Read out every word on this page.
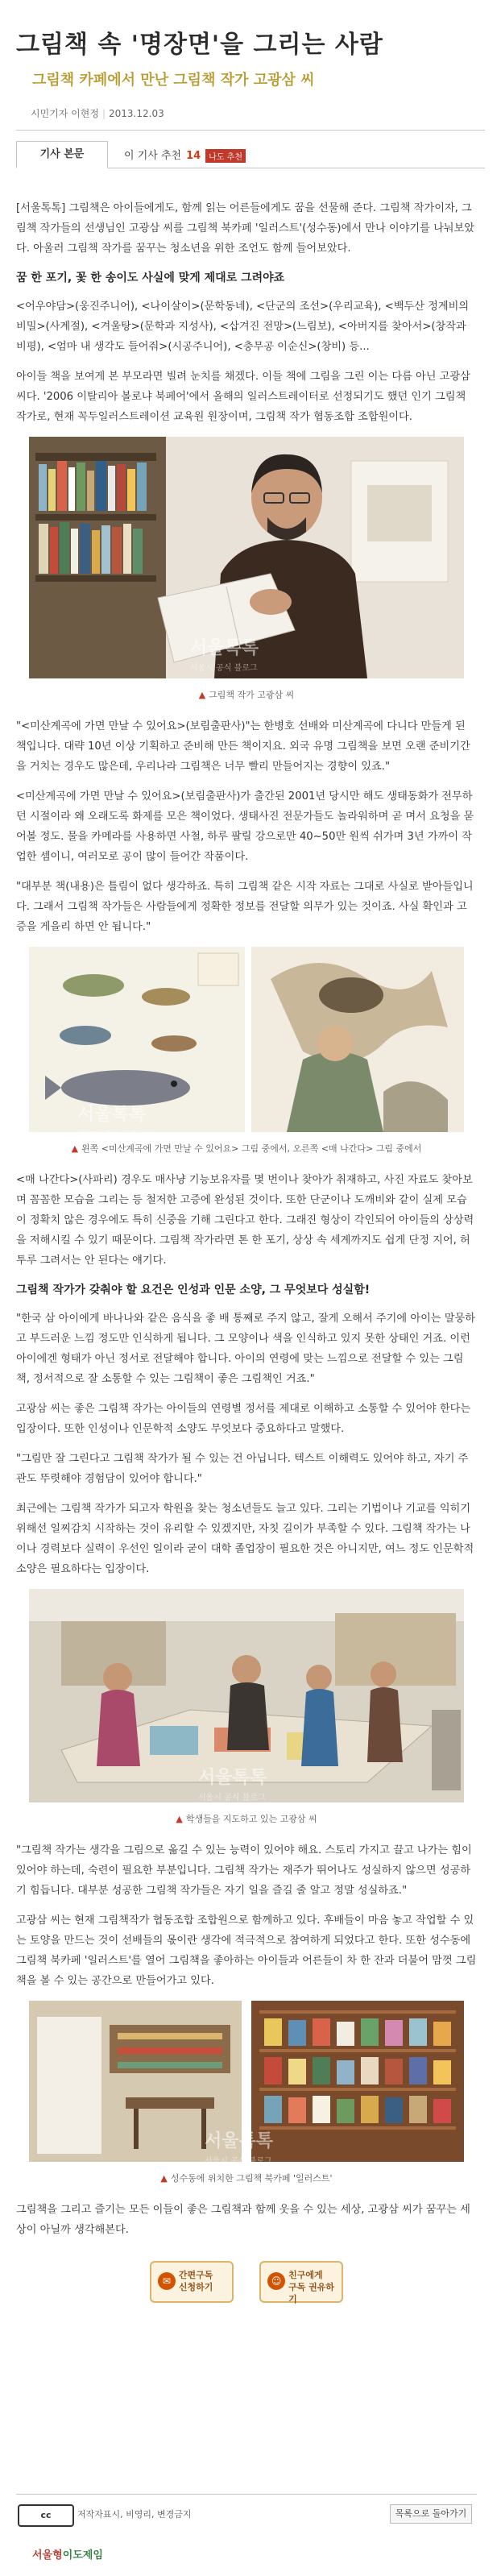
그림책 속 '명장면'을 그리는 사람
그림책 카페에서 만난 그림책 작가 고광삼 씨
시민기자 이현정 | 2013.12.03
기사 본문	이 기사 추천 14 나도 추천

[서울톡톡] 그림책은 아이들에게도, 함께 읽는 어른들에게도 꿈을 선물해 준다. 그림책 작가이자, 그림책 작가들의 선생님인 고광삼 씨를 그림책 북카페 '일러스트'(성수동)에서 만나 이야기를 나눠보았다. 아울러 그림책 작가를 꿈꾸는 청소년을 위한 조언도 함께 들어보았다.

꿈 한 포기, 꽃 한 송이도 사실에 맞게 제대로 그려야죠

<어우야담>(웅진주니어), <나이살이>(문학동네), <단군의 조선>(우리교육), <백두산 정계비의 비밀>(사계절), <겨울탕>(문학과 지성사), <삽겨진 전망>(느림보), <아버지를 찾아서>(창작과 비평), <엄마 내 생각도 들어줘>(시공주니어), <충무공 이순신>(창비) 등...

아이들 책을 보여게 본 부모라면 빌려 눈치를 채겠다. 이들 책에 그림을 그린 이는 다름 아닌 고광삼 씨다. '2006 이탈리아 볼로냐 북페어'에서 올해의 일러스트레이터로 선정되기도 했던 인기 그림책 작가로, 현재 꼭두일러스트레이션 교육원 원장이며, 그림책 작가 협동조합 조합원이다.

서울톡톡
서울시 공식 블로그
▲ 그림책 작가 고광삼 씨

"<미산계곡에 가면 만날 수 있어요>(보림출판사)"는 한병호 선배와 미산계곡에 다니다 만들게 된 책입니다. 대략 10년 이상 기획하고 준비해 만든 책이지요. 외국 유명 그림책을 보면 오랜 준비기간을 거치는 경우도 많은데, 우리나라 그림책은 너무 빨리 만들어지는 경향이 있죠."

<미산계곡에 가면 만날 수 있어요>(보림출판사)가 출간된 2001년 당시만 해도 생태동화가 전무하던 시절이라 왜 오래도록 화제를 모은 책이었다. 생태사진 전문가들도 놀라워하며 곧 며서 요청을 묻어볼 정도. 물을 카메라를 사용하면 사철, 하루 팔릴 강으로만 40~50만 원씩 쉬가며 3년 가까이 작업한 셈이니, 여러모로 공이 많이 들어간 작품이다.

"대부분 책(내용)은 틀림이 없다 생각하죠. 특히 그림책 같은 시작 자료는 그대로 사실로 받아들입니다. 그래서 그림책 작가들은 사람들에게 정확한 정보를 전달할 의무가 있는 것이죠. 사실 확인과 고증을 게을리 하면 안 됩니다."

서울톡톡
서울시 공식 블로그
▲ 왼쪽 <미산계곡에 가면 만날 수 있어요> 그림 중에서, 오른쪽 <매 나간다> 그림 중에서

<매 나간다>(사파리) 경우도 매사냥 기능보유자를 몇 번이나 찾아가 취재하고, 사진 자료도 찾아보며 꼼꼼한 모습을 그리는 등 철저한 고증에 완성된 것이다. 또한 단군이나 도깨비와 같이 실제 모습이 정확치 않은 경우에도 특히 신중을 기해 그린다고 한다. 그래진 형상이 각인되어 아이들의 상상력을 저해시킬 수 있기 때문이다. 그림책 작가라면 톤 한 포기, 상상 속 세계까지도 쉽게 단정 지어, 허투루 그려서는 안 된다는 얘기다.

그림책 작가가 갖춰야 할 요건은 인성과 인문 소양, 그 무엇보다 성실함!

"한국 삼 아이에게 바나나와 같은 음식을 좋 배 통째로 주지 않고, 잘게 오해서 주기에 아이는 말뭉하고 부드러운 느낌 정도만 인식하게 됩니다. 그 모양이나 색을 인식하고 있지 못한 상태인 거죠. 이런 아이에겐 형태가 아닌 정서로 전달해야 합니다. 아이의 연령에 맞는 느낌으로 전달할 수 있는 그림책, 정서적으로 잘 소통할 수 있는 그림책이 좋은 그림책인 거죠."

고광삼 씨는 좋은 그림책 작가는 아이들의 연령별 정서를 제대로 이해하고 소통할 수 있어야 한다는 입장이다. 또한 인성이나 인문학적 소양도 무엇보다 중요하다고 말했다.

"그림만 잘 그린다고 그림책 작가가 될 수 있는 건 아닙니다. 텍스트 이해력도 있어야 하고, 자기 주관도 뚜렷해야 경험담이 있어야 합니다."

최근에는 그림책 작가가 되고자 학원을 찾는 청소년들도 늘고 있다. 그리는 기법이나 기교를 익히기 위해선 일찌감치 시작하는 것이 유리할 수 있겠지만, 자칫 길이가 부족할 수 있다. 그림책 작가는 나이나 경력보다 실력이 우선인 일이라 굳이 대학 졸업장이 필요한 것은 아니지만, 여느 정도 인문학적 소양은 필요하다는 입장이다.

서울톡톡
서울시 공식 블로그
▲ 학생들을 지도하고 있는 고광삼 씨

"그림책 작가는 생각을 그림으로 옮길 수 있는 능력이 있어야 해요. 스토리 가지고 끌고 나가는 힘이 있어야 하는데, 숙련이 필요한 부분입니다. 그림책 작가는 재주가 뛰어나도 성실하지 않으면 성공하기 힘듭니다. 대부분 성공한 그림책 작가들은 자기 일을 즐길 줄 알고 정말 성실하죠."

고광삼 씨는 현재 그림책작가 협동조합 조합원으로 함께하고 있다. 후배들이 마음 놓고 작업할 수 있는 토양을 만드는 것이 선배들의 몫이란 생각에 적극적으로 참여하게 되었다고 한다. 또한 성수동에 그림책 북카페 '일러스트'를 열어 그림책을 좋아하는 아이들과 어른들이 차 한 잔과 더불어 맘껏 그림책을 볼 수 있는 공간으로 만들어가고 있다.

서울톡톡
서울시 공식 블로그
▲ 성수동에 위치한 그림책 북카페 '일러스트'

그림책을 그리고 즐기는 모든 이들이 좋은 그림책과 함께 웃을 수 있는 세상, 고광삼 씨가 꿈꾸는 세상이 아닐까 생각해본다.

✉
간편구독
신청하기

☺
친구에게
구독 권유하기
cc	저작자표시, 비영리, 변경금지	목록으로 돌아가기
서울형이도제임
